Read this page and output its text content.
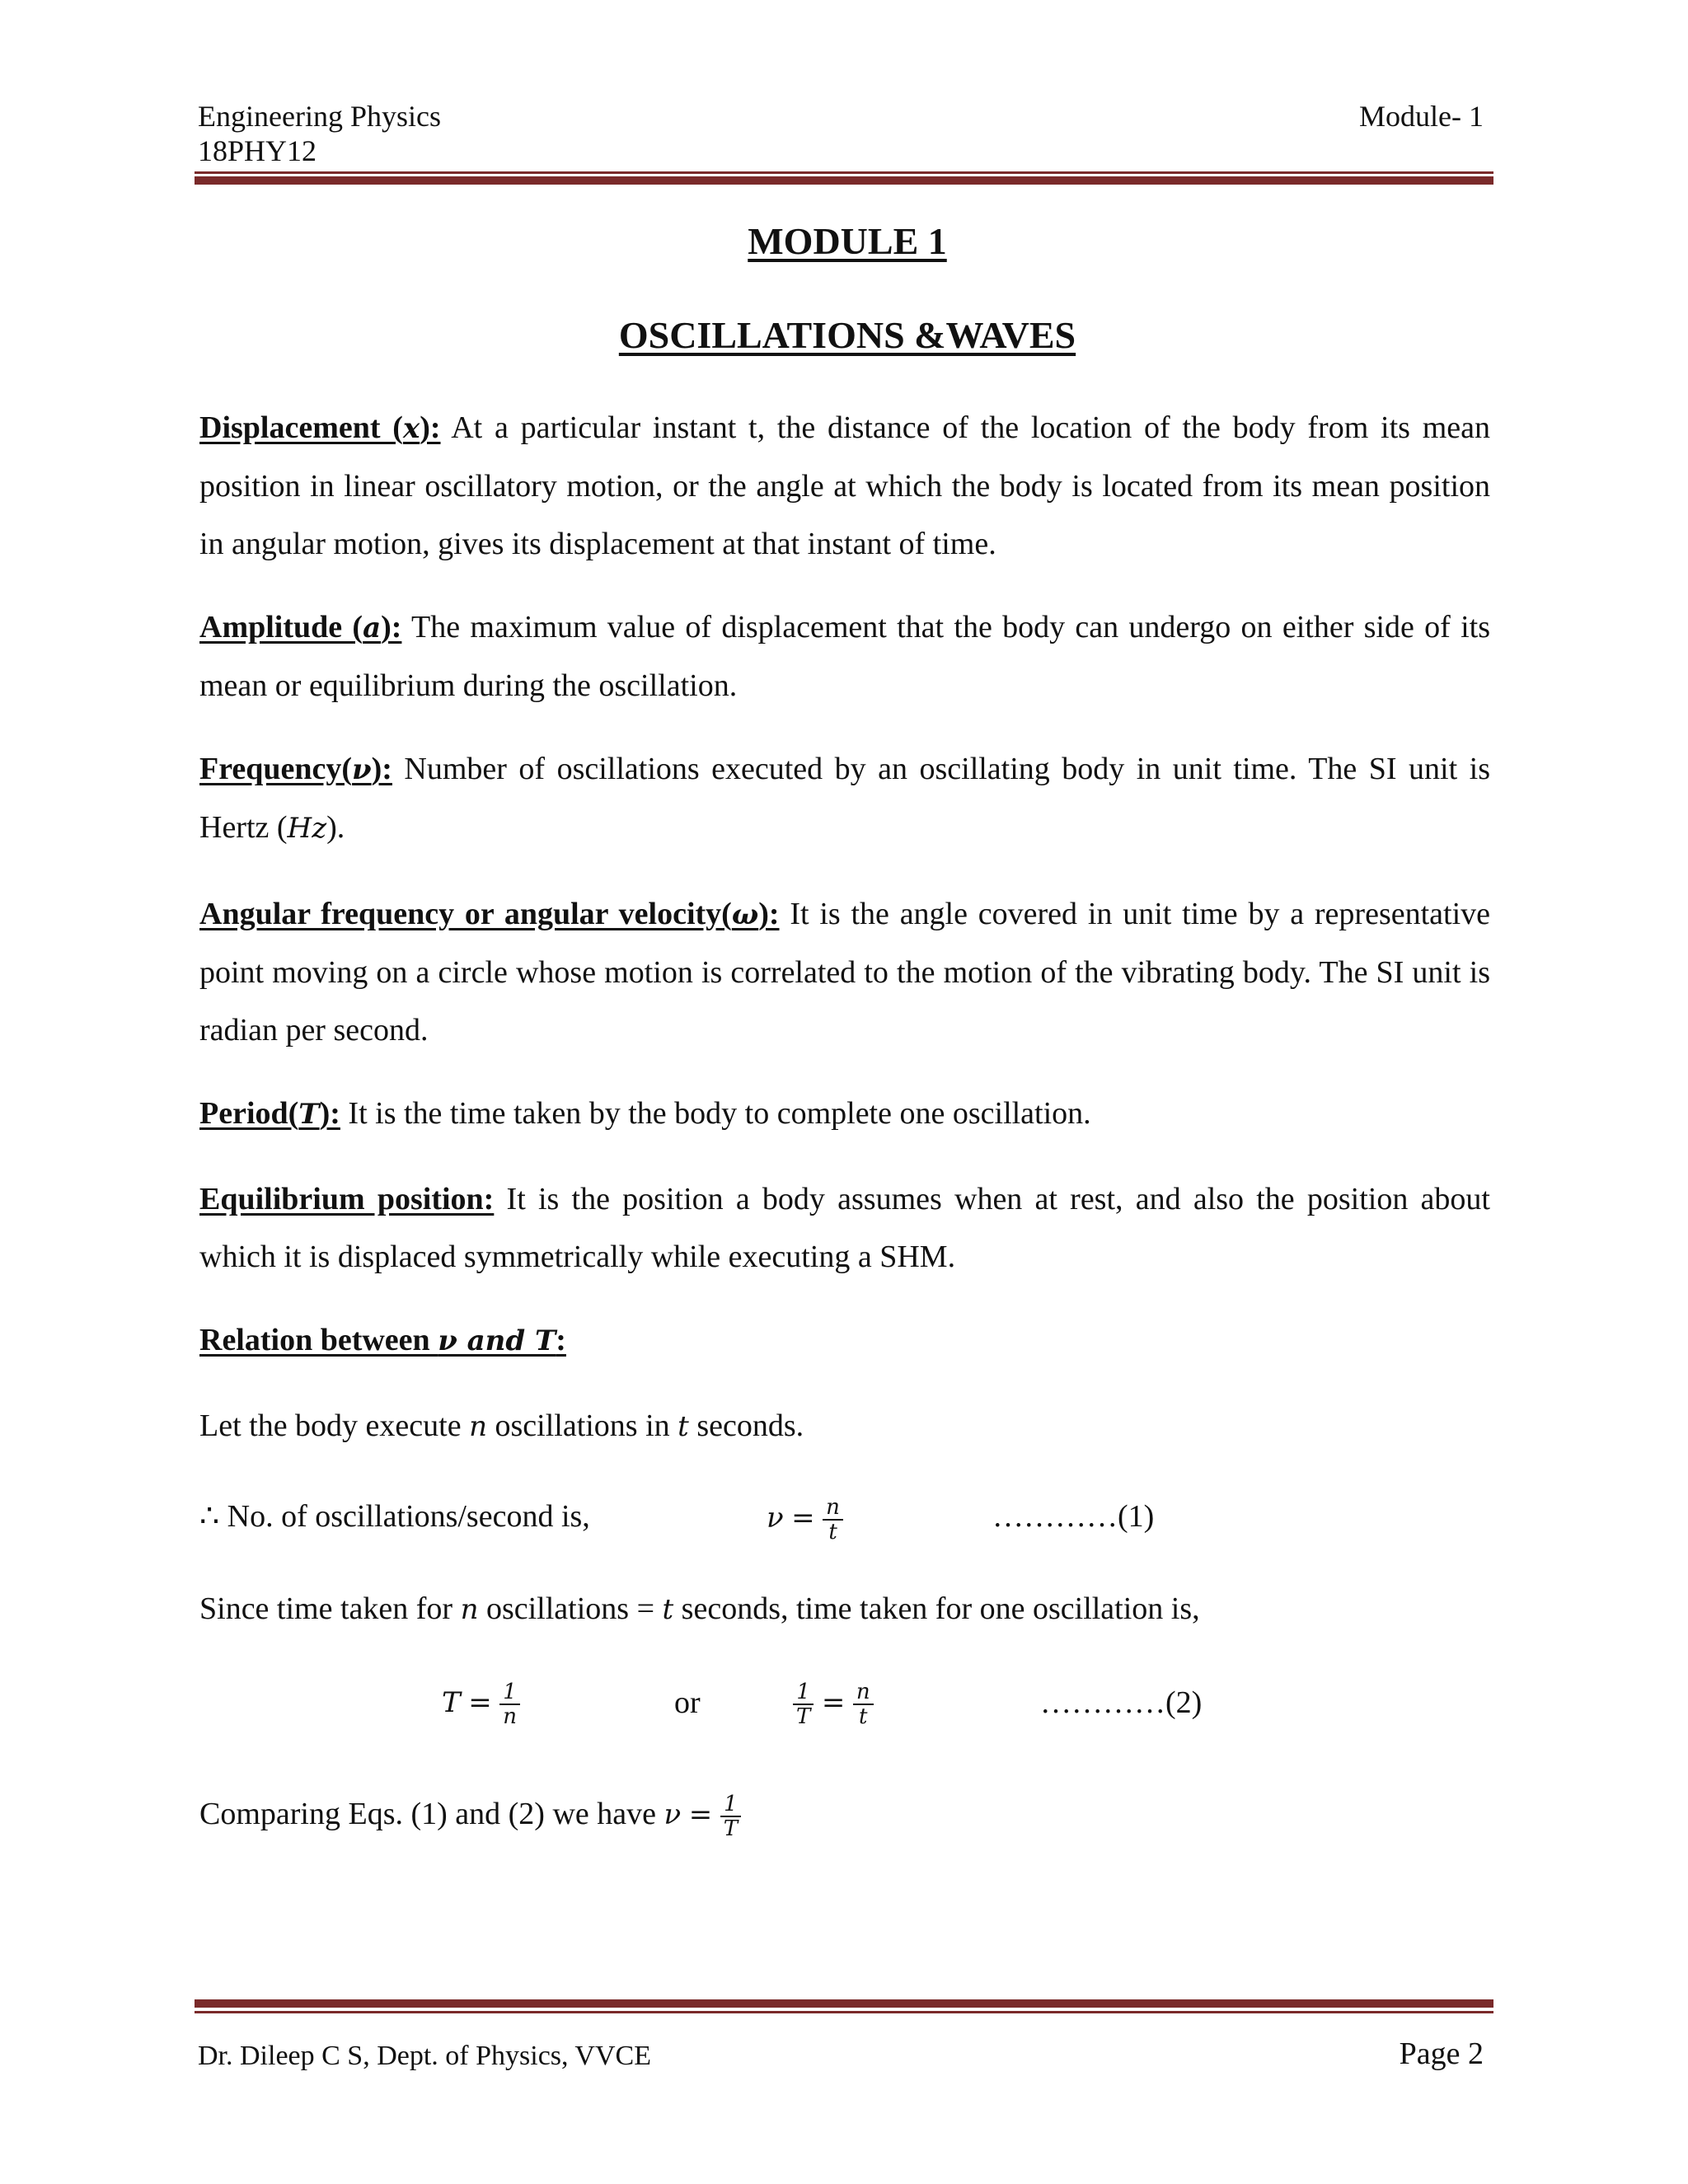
Engineering Physics
18PHY12
Module- 1
MODULE 1
OSCILLATIONS &WAVES

Displacement (x): At a particular instant t, the distance of the location of the body from its mean position in linear oscillatory motion, or the angle at which the body is located from its mean position in angular motion, gives its displacement at that instant of time.

Amplitude (a): The maximum value of displacement that the body can undergo on either side of its mean or equilibrium during the oscillation.

Frequency(ν): Number of oscillations executed by an oscillating body in unit time. The SI unit is Hertz (Hz).

Angular frequency or angular velocity(ω): It is the angle covered in unit time by a representative point moving on a circle whose motion is correlated to the motion of the vibrating body. The SI unit is radian per second.

Period(T): It is the time taken by the body to complete one oscillation.

Equilibrium position: It is the position a body assumes when at rest, and also the position about which it is displaced symmetrically while executing a SHM.

Relation between ν and T:
Let the body execute n oscillations in t seconds.
∴ No. of oscillations/second is,	$\nu = \frac{n}{t}$	…………(1)
Since time taken for n oscillations = t seconds, time taken for one oscillation is,
$T = \frac{1}{n}$	or	$\frac{1}{T} = \frac{n}{t}$	…………(2)
Comparing Eqs. (1) and (2) we have $\nu = \frac{1}{T}$
Dr. Dileep C S, Dept. of Physics, VVCE	Page 2
